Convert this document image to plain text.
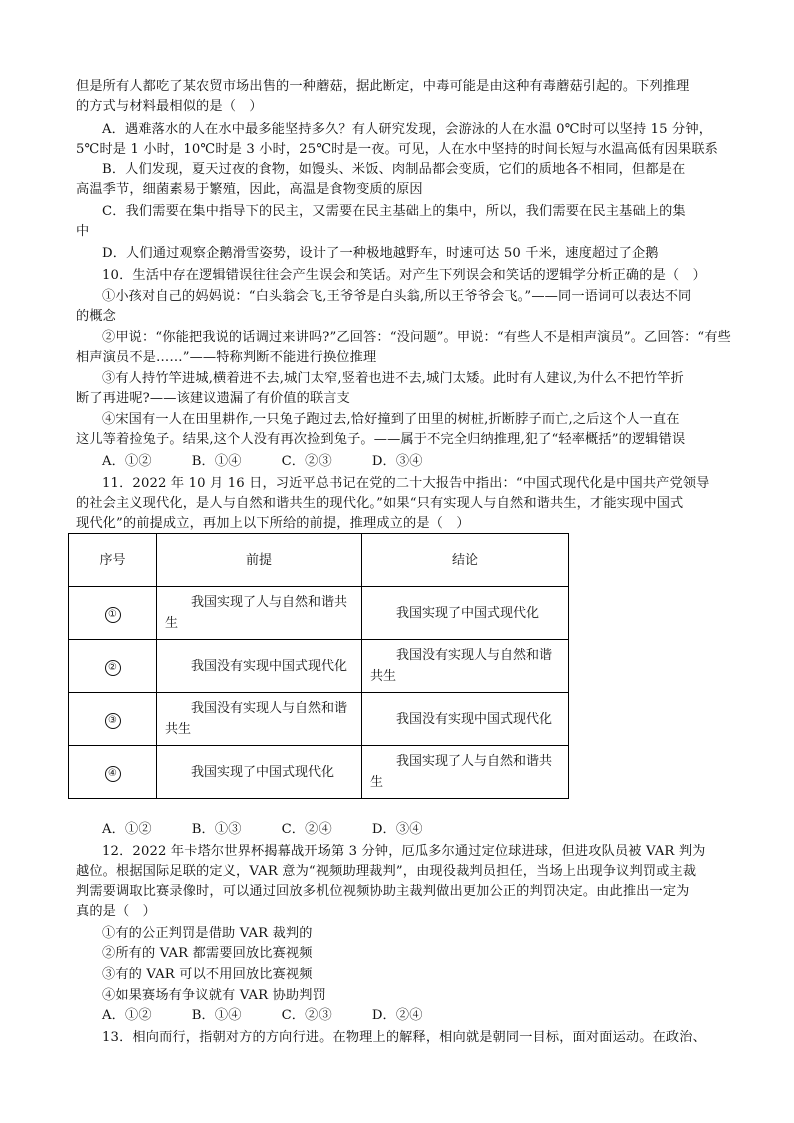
但是所有人都吃了某农贸市场出售的一种蘑菇，据此断定，中毒可能是由这种有毒蘑菇引起的。下列推理
的方式与材料最相似的是（　）
A．遇难落水的人在水中最多能坚持多久？有人研究发现，会游泳的人在水温 0℃时可以坚持 15 分钟，
5℃时是 1 小时，10℃时是 3 小时，25℃时是一夜。可见，人在水中坚持的时间长短与水温高低有因果联系
B．人们发现，夏天过夜的食物，如馒头、米饭、肉制品都会变质，它们的质地各不相同，但都是在
高温季节，细菌素易于繁殖，因此，高温是食物变质的原因
C．我们需要在集中指导下的民主，又需要在民主基础上的集中，所以，我们需要在民主基础上的集
中
D．人们通过观察企鹅滑雪姿势，设计了一种极地越野车，时速可达 50 千米，速度超过了企鹅
10．生活中存在逻辑错误往往会产生误会和笑话。对产生下列误会和笑话的逻辑学分析正确的是（　）
①小孩对自己的妈妈说：“白头翁会飞,王爷爷是白头翁,所以王爷爷会飞。”——同一语词可以表达不同
的概念
②甲说：“你能把我说的话调过来讲吗?”乙回答：“没问题”。甲说：“有些人不是相声演员”。乙回答：“有些
相声演员不是……”——特称判断不能进行换位推理
③有人持竹竿进城,横着进不去,城门太窄,竖着也进不去,城门太矮。此时有人建议,为什么不把竹竿折
断了再进呢?——该建议遗漏了有价值的联言支
④宋国有一人在田里耕作,一只兔子跑过去,恰好撞到了田里的树桩,折断脖子而亡,之后这个人一直在
这儿等着捡兔子。结果,这个人没有再次捡到兔子。——属于不完全归纳推理,犯了“轻率概括”的逻辑错误
A．①②　　　B．①④　　　C．②③　　　D．③④
11．2022 年 10 月 16 日，习近平总书记在党的二十大报告中指出：“中国式现代化是中国共产党领导
的社会主义现代化，是人与自然和谐共生的现代化。”如果“只有实现人与自然和谐共生，才能实现中国式
现代化”的前提成立，再加上以下所给的前提，推理成立的是（　）
序号	前提	结论
①	我国实现了人与自然和谐共生	我国实现了中国式现代化

②	我国没有实现中国式现代化	我国没有实现人与自然和谐共生

③	我国没有实现人与自然和谐共生	我国没有实现中国式现代化

④	我国实现了中国式现代化	我国实现了人与自然和谐共生
A．①②　　　B．①③　　　C．②④　　　D．③④
12．2022 年卡塔尔世界杯揭幕战开场第 3 分钟，厄瓜多尔通过定位球进球，但进攻队员被 VAR 判为
越位。根据国际足联的定义，VAR 意为“视频助理裁判”，由现役裁判员担任，当场上出现争议判罚或主裁
判需要调取比赛录像时，可以通过回放多机位视频协助主裁判做出更加公正的判罚决定。由此推出一定为
真的是（　）
①有的公正判罚是借助 VAR 裁判的
②所有的 VAR 都需要回放比赛视频
③有的 VAR 可以不用回放比赛视频
④如果赛场有争议就有 VAR 协助判罚
A．①②　　　B．①④　　　C．②③　　　D．②④
13．相向而行，指朝对方的方向行进。在物理上的解释，相向就是朝同一目标，面对面运动。在政治、
